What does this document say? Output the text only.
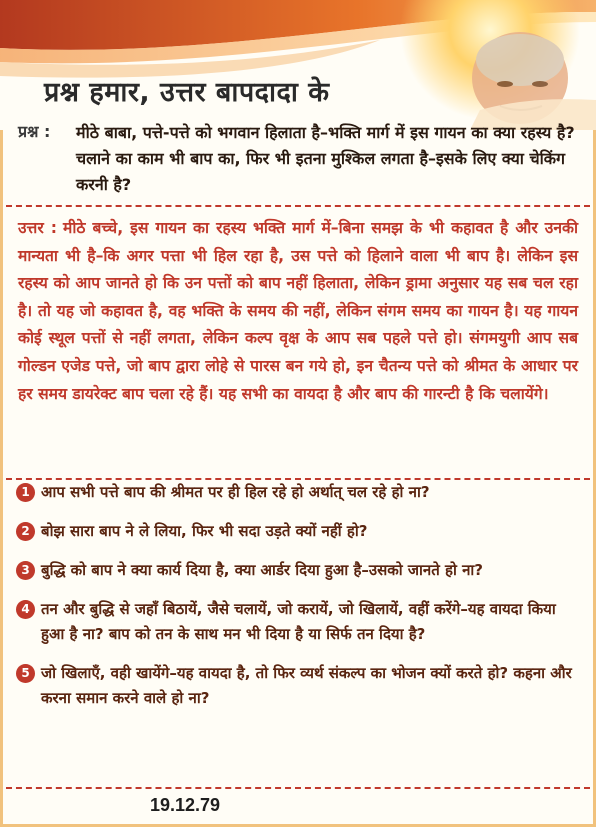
प्रश्न हमार, उत्तर बापदादा के
प्रश्न : मीठे बाबा, पत्ते-पत्ते को भगवान हिलाता है–भक्ति मार्ग में इस गायन का क्या रहस्य है? चलाने का काम भी बाप का, फिर भी इतना मुश्किल लगता है–इसके लिए क्या चेकिंग करनी है?
उत्तर : मीठे बच्चे, इस गायन का रहस्य भक्ति मार्ग में–बिना समझ के भी कहावत है और उनकी मान्यता भी है–कि अगर पत्ता भी हिल रहा है, उस पत्ते को हिलाने वाला भी बाप है। लेकिन इस रहस्य को आप जानते हो कि उन पत्तों को बाप नहीं हिलाता, लेकिन ड्रामा अनुसार यह सब चल रहा है। तो यह जो कहावत है, वह भक्ति के समय की नहीं, लेकिन संगम समय का गायन है। यह गायन कोई स्थूल पत्तों से नहीं लगता, लेकिन कल्प वृक्ष के आप सब पहले पत्ते हो। संगमयुगी आप सब गोल्डन एजेड पत्ते, जो बाप द्वारा लोहे से पारस बन गये हो, इन चैतन्य पत्ते को श्रीमत के आधार पर हर समय डायरेक्ट बाप चला रहे हैं। यह सभी का वायदा है और बाप की गारन्टी है कि चलायेंगे।
1 आप सभी पत्ते बाप की श्रीमत पर ही हिल रहे हो अर्थात् चल रहे हो ना?
2 बोझ सारा बाप ने ले लिया, फिर भी सदा उड़ते क्यों नहीं हो?
3 बुद्धि को बाप ने क्या कार्य दिया है, क्या आर्डर दिया हुआ है–उसको जानते हो ना?
4 तन और बुद्धि से जहाँ बिठायें, जैसे चलायें, जो करायें, जो खिलायें, वहीं करेंगे–यह वायदा किया हुआ है ना? बाप को तन के साथ मन भी दिया है या सिर्फ तन दिया है?
5 जो खिलाएँ, वही खायेंगे–यह वायदा है, तो फिर व्यर्थ संकल्प का भोजन क्यों करते हो? कहना और करना समान करने वाले हो ना?
19.12.79
